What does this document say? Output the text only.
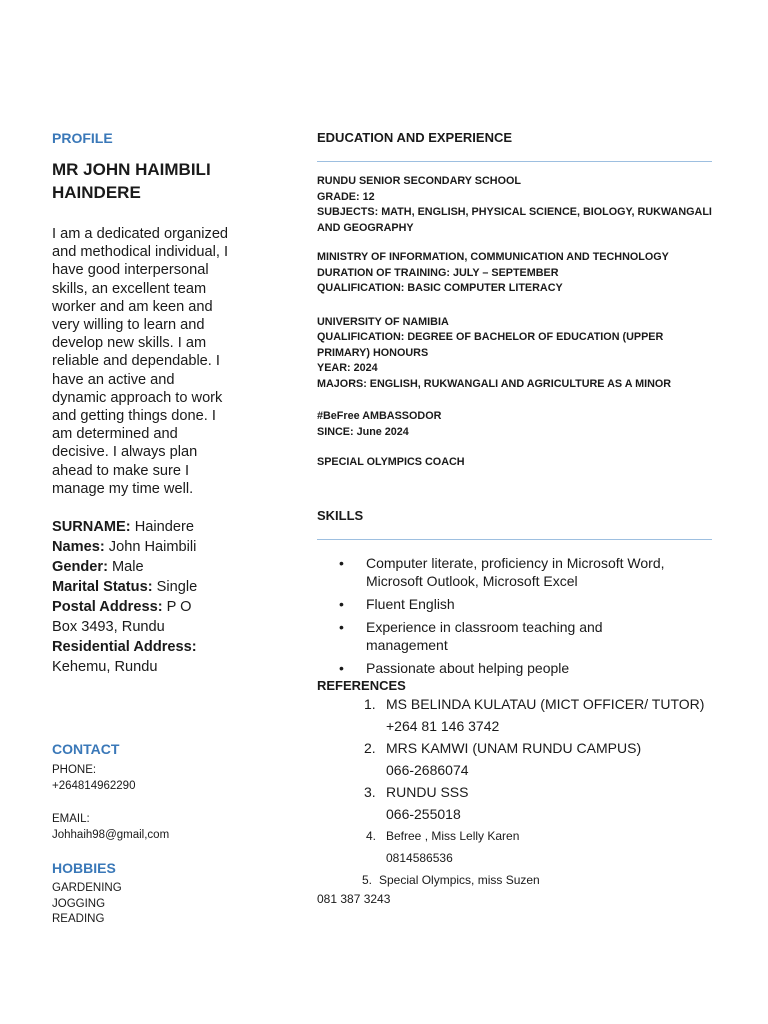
PROFILE
MR JOHN HAIMBILI
HAINDERE
I am a dedicated organized
and methodical individual, I
have good interpersonal
skills, an excellent team
worker and am keen and
very willing to learn and
develop new skills. I am
reliable and dependable. I
have an active and
dynamic approach to work
and getting things done. I
am determined and
decisive. I always plan
ahead to make sure I
manage my time well.
SURNAME: Haindere
Names: John Haimbili
Gender: Male
Marital Status: Single
Postal Address: P O
Box 3493, Rundu
Residential Address:
Kehemu, Rundu
CONTACT
PHONE:
+264814962290
EMAIL:
Johhaih98@gmail,com
HOBBIES
GARDENING
JOGGING
READING
EDUCATION AND EXPERIENCE
RUNDU SENIOR SECONDARY SCHOOL
GRADE: 12
SUBJECTS: MATH, ENGLISH, PHYSICAL SCIENCE, BIOLOGY, RUKWANGALI
AND GEOGRAPHY
MINISTRY OF INFORMATION, COMMUNICATION AND TECHNOLOGY
DURATION OF TRAINING: JULY – SEPTEMBER
QUALIFICATION: BASIC COMPUTER LITERACY
UNIVERSITY OF NAMIBIA
QUALIFICATION: DEGREE OF BACHELOR OF EDUCATION (UPPER
PRIMARY) HONOURS
YEAR: 2024
MAJORS: ENGLISH, RUKWANGALI AND AGRICULTURE AS A MINOR
#BeFree AMBASSODOR
SINCE: June 2024
SPECIAL OLYMPICS COACH
SKILLS
• Computer literate, proficiency in Microsoft Word,
Microsoft Outlook, Microsoft Excel
• Fluent English
• Experience in classroom teaching and
management
• Passionate about helping people
REFERENCES
1. MS BELINDA KULATAU (MICT OFFICER/ TUTOR)
+264 81 146 3742
2. MRS KAMWI (UNAM RUNDU CAMPUS)
066-2686074
3. RUNDU SSS
066-255018
4. Befree , Miss Lelly Karen
0814586536
5. Special Olympics, miss Suzen
081 387 3243
